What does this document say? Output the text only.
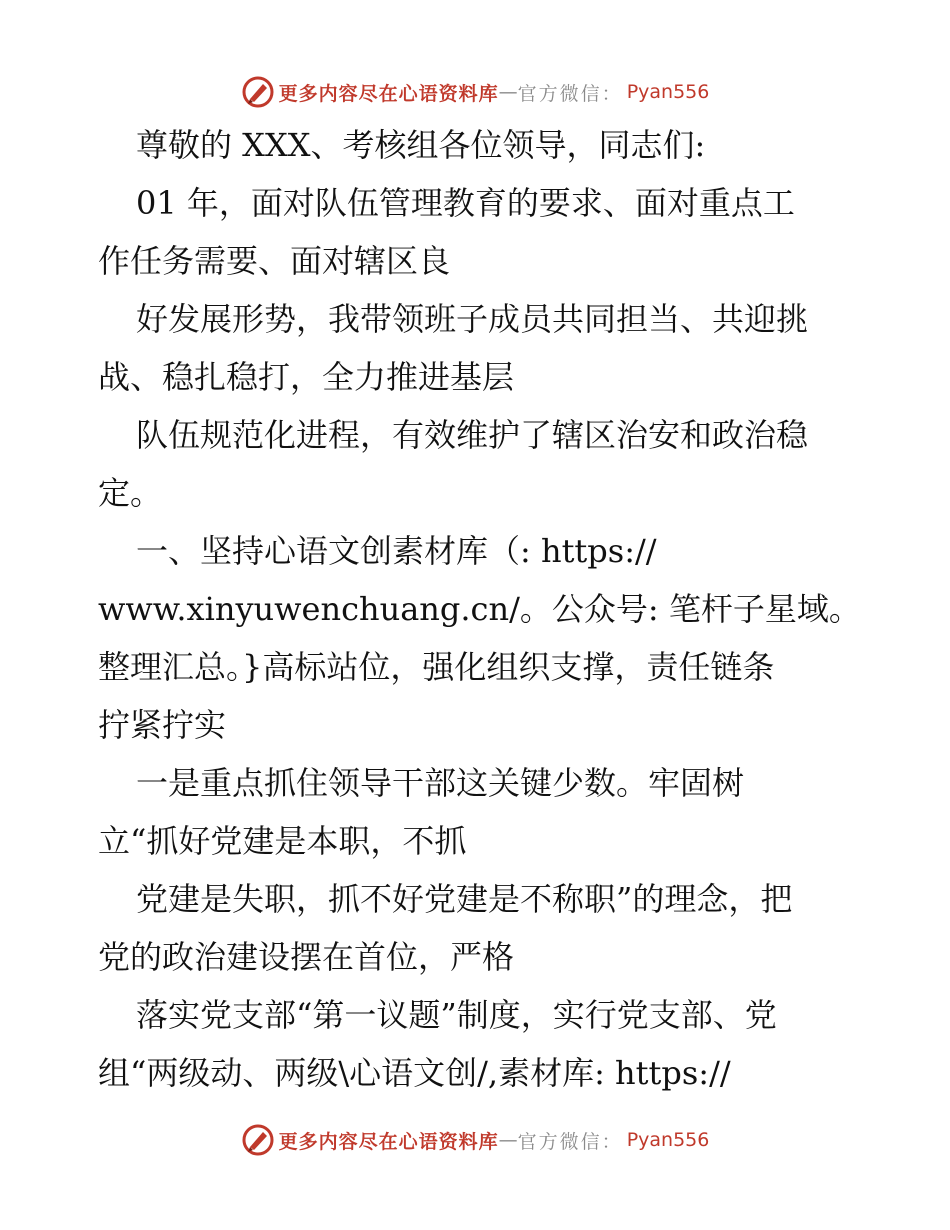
更多内容尽在心语资料库 — 官方微信： Pyan556
尊敬的 XXX、考核组各位领导，同志们:
01 年，面对队伍管理教育的要求、面对重点工
作任务需要、面对辖区良
好发展形势，我带领班子成员共同担当、共迎挑
战、稳扎稳打，全力推进基层
队伍规范化进程，有效维护了辖区治安和政治稳
定。
一、坚持心语文创素材库（: https://
www.xinyuwenchuang.cn/。公众号: 笔杆子星域。
整理汇总。}高标站位，强化组织支撑，责任链条
拧紧拧实
一是重点抓住领导干部这关键少数。牢固树
立“抓好党建是本职，不抓
党建是失职，抓不好党建是不称职”的理念，把
党的政治建设摆在首位，严格
落实党支部“第一议题”制度，实行党支部、党
组“两级动、两级\心语文创/,素材库: https://
更多内容尽在心语资料库 — 官方微信： Pyan556
